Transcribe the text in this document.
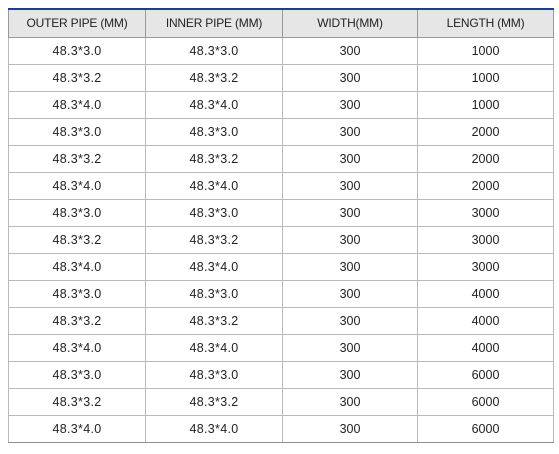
OUTER PIPE (MM)	INNER PIPE (MM)	WIDTH(MM)	LENGTH (MM)
48.3*3.0	48.3*3.0	300	1000
48.3*3.2	48.3*3.2	300	1000
48.3*4.0	48.3*4.0	300	1000
48.3*3.0	48.3*3.0	300	2000
48.3*3.2	48.3*3.2	300	2000
48.3*4.0	48.3*4.0	300	2000
48.3*3.0	48.3*3.0	300	3000
48.3*3.2	48.3*3.2	300	3000
48.3*4.0	48.3*4.0	300	3000
48.3*3.0	48.3*3.0	300	4000
48.3*3.2	48.3*3.2	300	4000
48.3*4.0	48.3*4.0	300	4000
48.3*3.0	48.3*3.0	300	6000
48.3*3.2	48.3*3.2	300	6000
48.3*4.0	48.3*4.0	300	6000
